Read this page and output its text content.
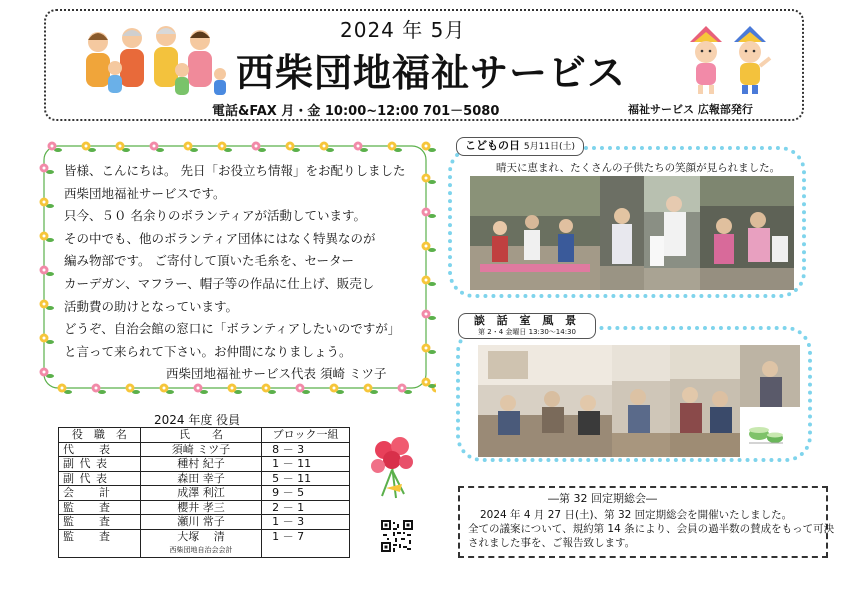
2024 年 5月
西柴団地福祉サービス
電話&FAX 月・金 10:00~12:00 701－5080	福祉サービス 広報部発行

皆様、こんにちは。 先日「お役立ち情報」をお配りしました

西柴団地福祉サービスです。

只今、５０ 名余りのボランティアが活動しています。

その中でも、他のボランティア団体にはなく特異なのが

編み物部です。 ご寄付して頂いた毛糸を、セーター

カーデガン、マフラー、帽子等の作品に仕上げ、販売し

活動費の助けとなっています。

どうぞ、自治会館の窓口に「ボランティアしたいのですが」

と言って来られて下さい。お仲間になりましょう。

西柴団地福祉サービス代表 須崎 ミツ子

2024 年度 役員
役　職　名	氏　　名	ブロック一組
代　　表	須崎 ミツ子	8 － 3
副 代 表	種村 紀子	1 － 11
副 代 表	森田 幸子	5 － 11
会　　計	成澤 利江	9 － 5
監　　査	櫻井 孝三	2 － 1
監　　査	瀬川 常子	1 － 3
監　　査	大塚　 清	1 － 7
	西柴団地自治会会計	
こどもの日 5月11日(土)
晴天に恵まれ、たくさんの子供たちの笑顔が見られました。
談 話 室 風 景
第 2・4 金曜日 13:30～14:30
―第 32 回定期総会―

2024 年 4 月 27 日(土)、第 32 回定期総会を開催いたしました。

全ての議案について、規約第 14 条により、会員の過半数の賛成をもって可決

されました事を、ご報告致します。
